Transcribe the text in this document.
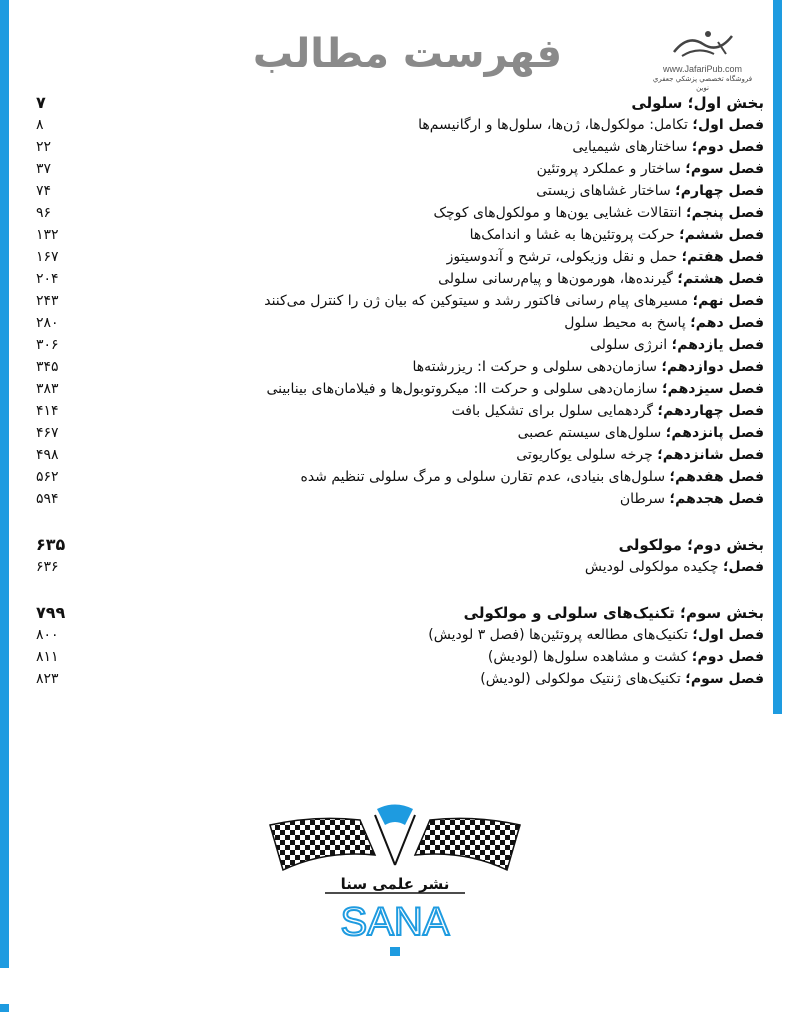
فهرست مطالب	www.JafariPub.com
فروشگاه تخصصي پزشكي جعفري نوين
۷	بخش اول؛ سلولی
۸	فصل اول؛ تکامل: مولکول‌ها، ژن‌ها، سلول‌ها و ارگانیسم‌ها
۲۲	فصل دوم؛ ساختارهای شیمیایی
۳۷	فصل سوم؛ ساختار و عملکرد پروتئین
۷۴	فصل چهارم؛ ساختار غشاهای زیستی
۹۶	فصل پنجم؛ انتقالات غشایی یون‌ها و مولکول‌های کوچک
۱۳۲	فصل ششم؛ حرکت پروتئین‌ها به غشا و اندامک‌ها
۱۶۷	فصل هفتم؛ حمل و نقل وزیکولی، ترشح و آندوسیتوز
۲۰۴	فصل هشتم؛ گیرنده‌ها، هورمون‌ها و پیام‌رسانی سلولی
۲۴۳	فصل نهم؛ مسیرهای پیام رسانی فاکتور رشد و سیتوکین که بیان ژن را کنترل می‌کنند
۲۸۰	فصل دهم؛ پاسخ به محیط سلول
۳۰۶	فصل یازدهم؛ انرژی سلولی
۳۴۵	فصل دوازدهم؛ سازمان‌دهی سلولی و حرکت I: ریزرشته‌ها
۳۸۳	فصل سیزدهم؛ سازمان‌دهی سلولی و حرکت II: میکروتوبول‌ها و فیلامان‌های بینابینی
۴۱۴	فصل چهاردهم؛ گردهمایی سلول برای تشکیل بافت
۴۶۷	فصل پانزدهم؛ سلول‌های سیستم عصبی
۴۹۸	فصل شانزدهم؛ چرخه سلولی یوکاریوتی
۵۶۲	فصل هفدهم؛ سلول‌های بنیادی، عدم تقارن سلولی و مرگ سلولی تنظیم شده
۵۹۴	فصل هجدهم؛ سرطان
۶۳۵	بخش دوم؛ مولکولی
۶۳۶	فصل؛ چکیده مولکولی لودیش
۷۹۹	بخش سوم؛ تکنیک‌های سلولی و مولکولی
۸۰۰	فصل اول؛ تکنیک‌های مطالعه پروتئین‌ها (فصل ۳ لودیش)
۸۱۱	فصل دوم؛ کشت و مشاهده سلول‌ها (لودیش)
۸۲۳	فصل سوم؛ تکنیک‌های ژنتیک مولکولی (لودیش)
SANA
نشر علمی سنا
